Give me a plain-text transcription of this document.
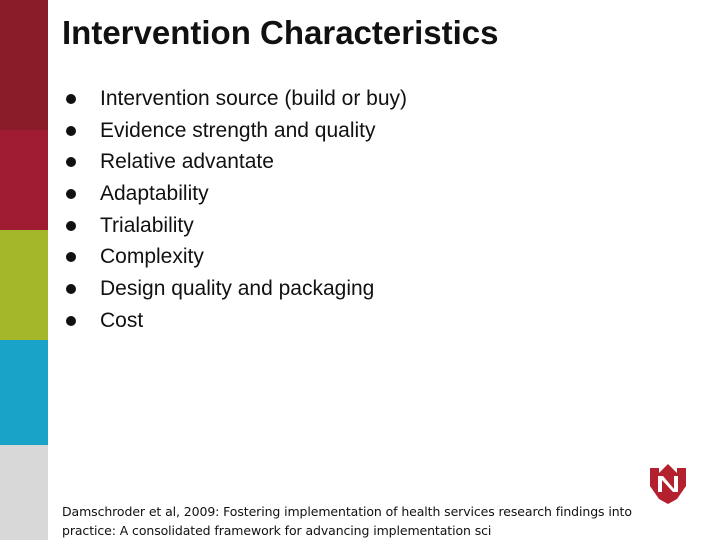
Intervention Characteristics
Intervention source (build or buy)
Evidence strength and quality
Relative advantate
Adaptability
Trialability
Complexity
Design quality and packaging
Cost
Damschroder et al, 2009: Fostering implementation of health services research findings into
practice: A consolidated framework for advancing implementation sci
